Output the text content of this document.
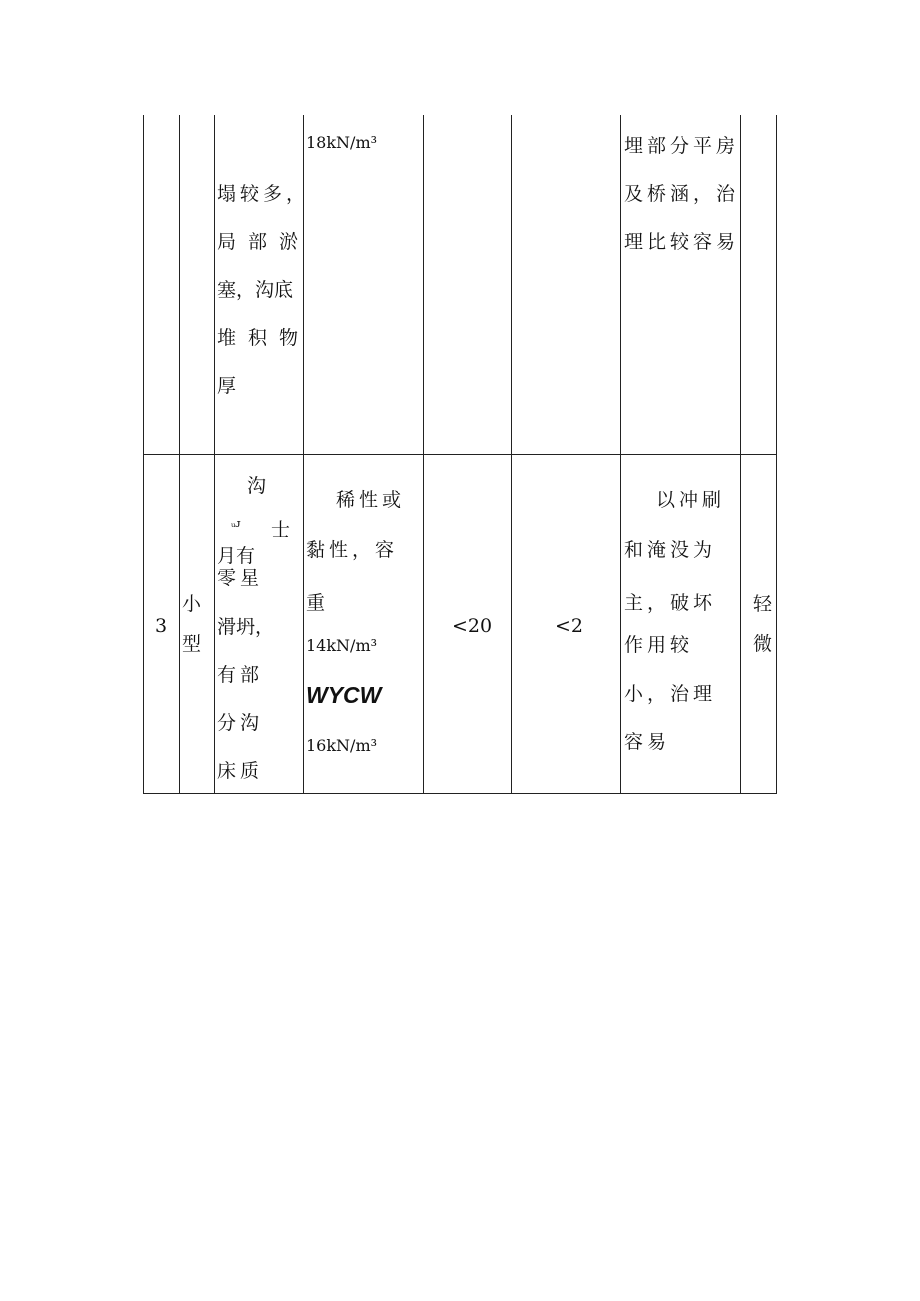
塌较多，
局部淤
塞，沟底
堆积物
厚
18kN/m³	埋部分平房
及桥涵，治
理比较容易
3
小
型
沟
ᵤᴊ 士
月有
零星
滑坍，
有部
分沟
床质
稀性或
黏性，容
重
14kN/m³
WYCW
16kN/m³
<20	<2
以冲刷
和淹没为
主，破坏
作用较
小，治理
容易
轻
微
